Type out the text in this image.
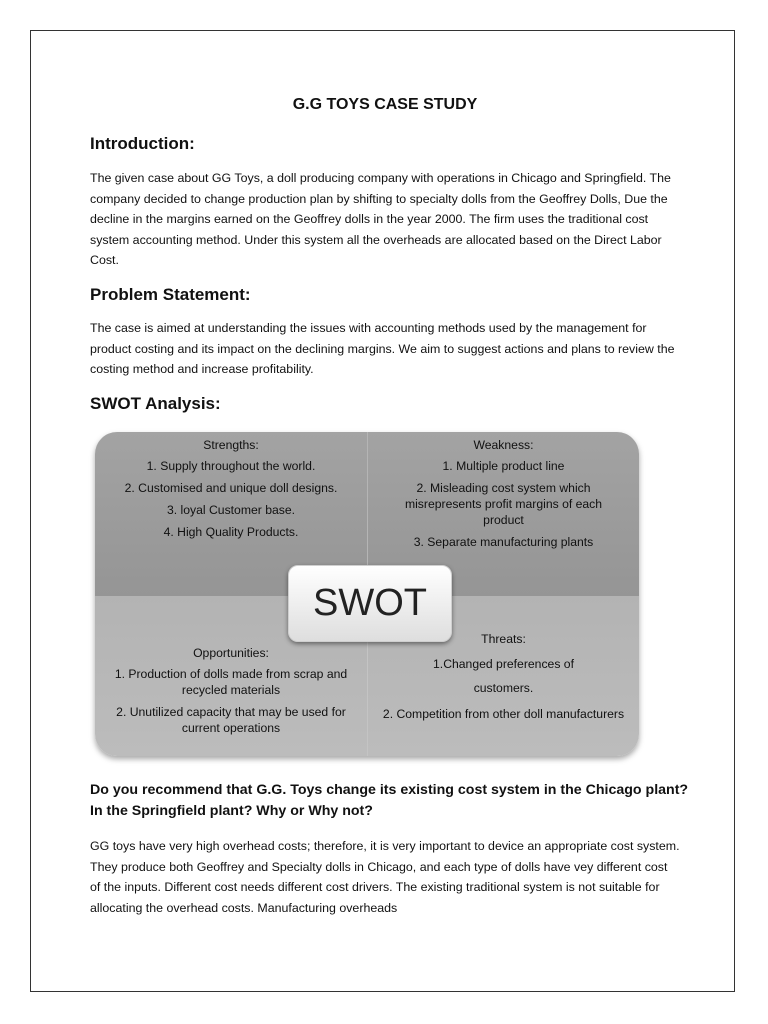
G.G TOYS CASE STUDY
Introduction:

The given case about GG Toys, a doll producing company with operations in Chicago and Springfield. The company decided to change production plan by shifting to specialty dolls from the Geoffrey Dolls, Due the decline in the margins earned on the Geoffrey dolls in the year 2000. The firm uses the traditional cost system accounting method. Under this system all the overheads are allocated based on the Direct Labor Cost.

Problem Statement:

The case is aimed at understanding the issues with accounting methods used by the management for product costing and its impact on the declining margins. We aim to suggest actions and plans to review the costing method and increase profitability.

SWOT Analysis:
Strengths:
1. Supply throughout the world.
2. Customised and unique doll designs.
3. loyal Customer base.
4. High Quality Products.
Weakness:
1. Multiple product line
2. Misleading cost system which misrepresents profit margins of each product
3. Separate manufacturing plants
Opportunities:
1. Production of dolls made from scrap and recycled materials
2. Unutilized capacity that may be used for current operations
Threats:
1.Changed preferences of customers.
2. Competition from other doll manufacturers
SWOT
Do you recommend that G.G. Toys change its existing cost system in the Chicago plant? In the Springfield plant? Why or Why not?

GG toys have very high overhead costs; therefore, it is very important to device an appropriate cost system. They produce both Geoffrey and Specialty dolls in Chicago, and each type of dolls have vey different cost of the inputs. Different cost needs different cost drivers. The existing traditional system is not suitable for allocating the overhead costs. Manufacturing overheads
